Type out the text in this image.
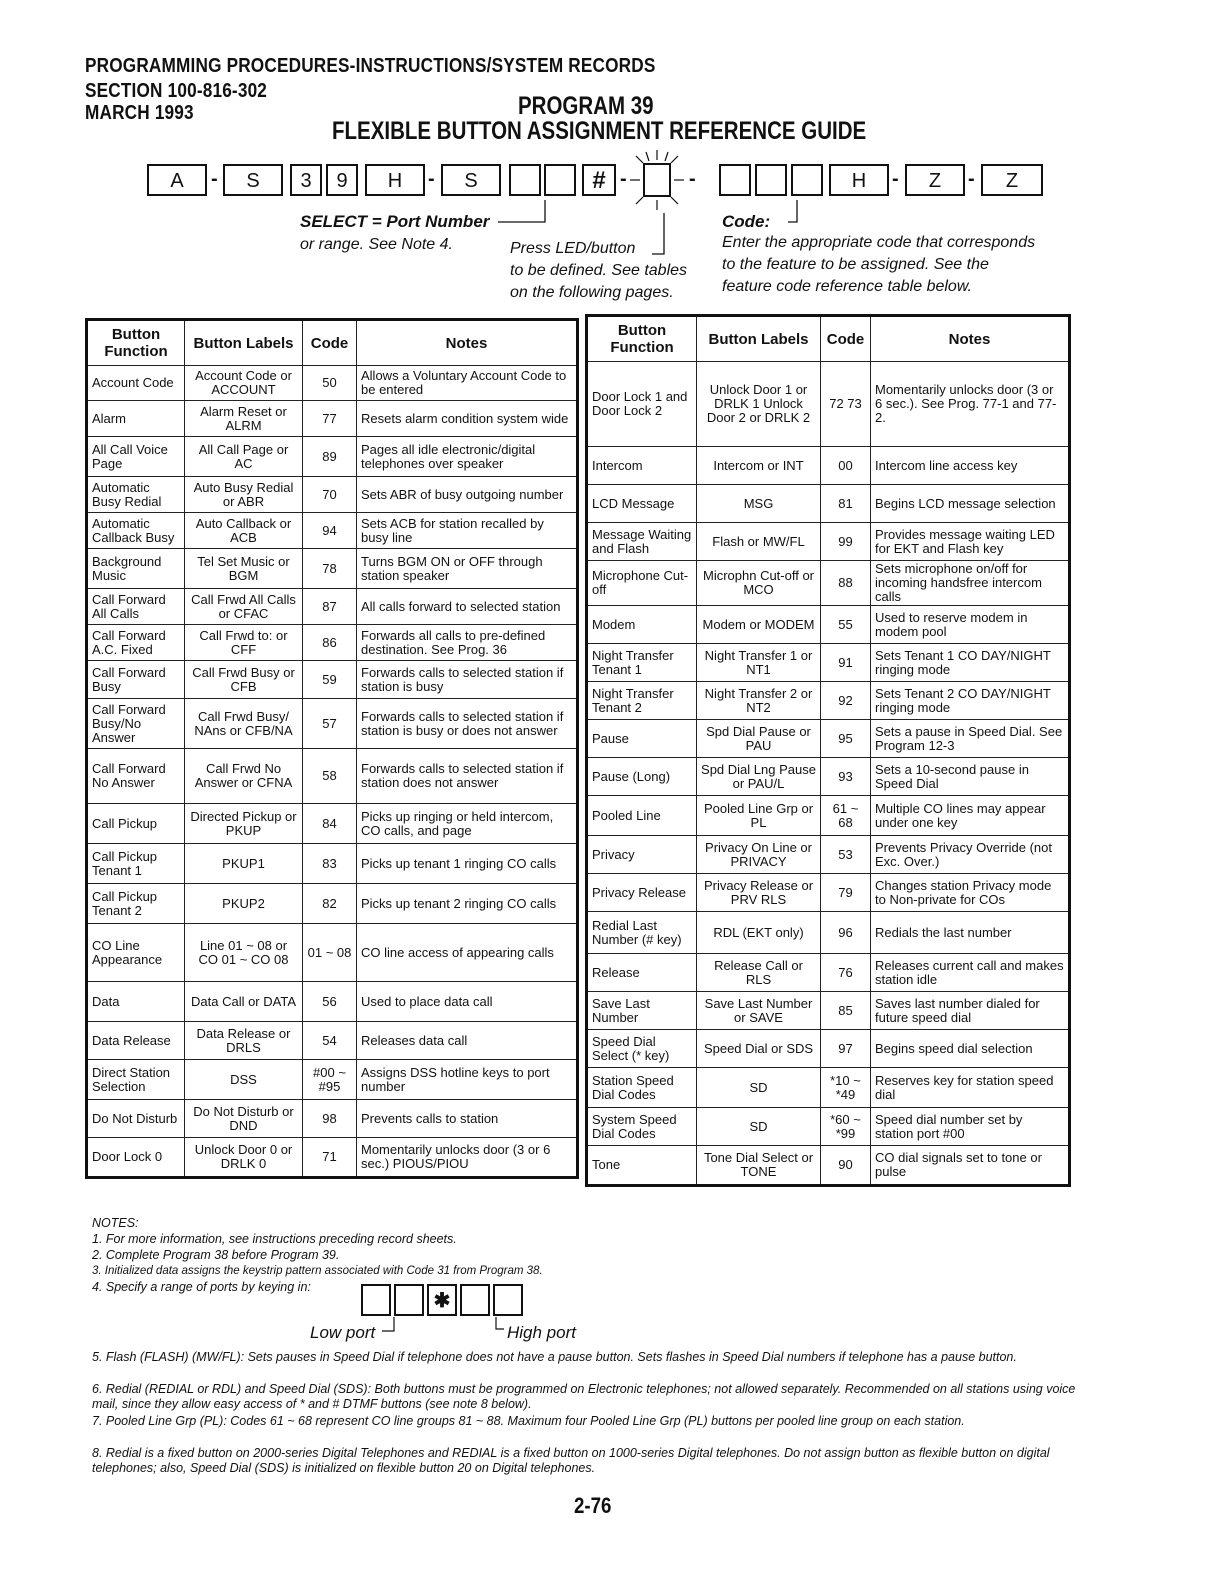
PROGRAMMING PROCEDURES-INSTRUCTIONS/SYSTEM RECORDS
SECTION 100-816-302
MARCH 1993	PROGRAM 39
FLEXIBLE BUTTON ASSIGNMENT REFERENCE GUIDE
A	-	S	3	9	H	-	S	# -	-	H	-	Z	-	Z
SELECT = Port Number
or range. See Note 4.	Press LED/button
to be defined. See tables
on the following pages.
Code:
Enter the appropriate code that corresponds
to the feature to be assigned. See the
feature code reference table below.
Button Function	Button Labels	Code	Notes
Account Code	Account Code or ACCOUNT	50	Allows a Voluntary Account Code to be entered
Alarm	Alarm Reset or ALRM	77	Resets alarm condition system wide
All Call Voice Page	All Call Page or AC	89	Pages all idle electronic/digital telephones over speaker
Automatic Busy Redial	Auto Busy Redial or ABR	70	Sets ABR of busy outgoing number
Automatic Callback Busy	Auto Callback or ACB	94	Sets ACB for station recalled by busy line
Background Music	Tel Set Music or BGM	78	Turns BGM ON or OFF through station speaker
Call Forward All Calls	Call Frwd All Calls or CFAC	87	All calls forward to selected station
Call Forward A.C. Fixed	Call Frwd to: or CFF	86	Forwards all calls to pre-defined destination. See Prog. 36
Call Forward Busy	Call Frwd Busy or CFB	59	Forwards calls to selected station if station is busy
Call Forward Busy/No Answer	Call Frwd Busy/ NAns or CFB/NA	57	Forwards calls to selected station if station is busy or does not answer
Call Forward No Answer	Call Frwd No Answer or CFNA	58	Forwards calls to selected station if station does not answer
Call Pickup	Directed Pickup or PKUP	84	Picks up ringing or held intercom, CO calls, and page
Call Pickup Tenant 1	PKUP1	83	Picks up tenant 1 ringing CO calls
Call Pickup Tenant 2	PKUP2	82	Picks up tenant 2 ringing CO calls
CO Line Appearance	Line 01 ~ 08 or CO 01 ~ CO 08	01 ~ 08	CO line access of appearing calls
Data	Data Call or DATA	56	Used to place data call
Data Release	Data Release or DRLS	54	Releases data call
Direct Station Selection	DSS	#00 ~ #95	Assigns DSS hotline keys to port number
Do Not Disturb	Do Not Disturb or DND	98	Prevents calls to station
Door Lock 0	Unlock Door 0 or DRLK 0	71	Momentarily unlocks door (3 or 6 sec.) PIOUS/PIOU
Button Function	Button Labels	Code	Notes
Door Lock 1 and Door Lock 2	Unlock Door 1 or DRLK 1 Unlock Door 2 or DRLK 2	72 73	Momentarily unlocks door (3 or 6 sec.). See Prog. 77-1 and 77-2.
Intercom	Intercom or INT	00	Intercom line access key
LCD Message	MSG	81	Begins LCD message selection
Message Waiting and Flash	Flash or MW/FL	99	Provides message waiting LED for EKT and Flash key
Microphone Cut-off	Microphn Cut-off or MCO	88	Sets microphone on/off for incoming handsfree intercom calls
Modem	Modem or MODEM	55	Used to reserve modem in modem pool
Night Transfer Tenant 1	Night Transfer 1 or NT1	91	Sets Tenant 1 CO DAY/NIGHT ringing mode
Night Transfer Tenant 2	Night Transfer 2 or NT2	92	Sets Tenant 2 CO DAY/NIGHT ringing mode
Pause	Spd Dial Pause or PAU	95	Sets a pause in Speed Dial. See Program 12-3
Pause (Long)	Spd Dial Lng Pause or PAU/L	93	Sets a 10-second pause in Speed Dial
Pooled Line	Pooled Line Grp or PL	61 ~ 68	Multiple CO lines may appear under one key
Privacy	Privacy On Line or PRIVACY	53	Prevents Privacy Override (not Exc. Over.)
Privacy Release	Privacy Release or PRV RLS	79	Changes station Privacy mode to Non-private for COs
Redial Last Number (# key)	RDL (EKT only)	96	Redials the last number
Release	Release Call or RLS	76	Releases current call and makes station idle
Save Last Number	Save Last Number or SAVE	85	Saves last number dialed for future speed dial
Speed Dial Select (* key)	Speed Dial or SDS	97	Begins speed dial selection
Station Speed Dial Codes	SD	*10 ~ *49	Reserves key for station speed dial
System Speed Dial Codes	SD	*60 ~ *99	Speed dial number set by station port #00
Tone	Tone Dial Select or TONE	90	CO dial signals set to tone or pulse
NOTES:
1. For more information, see instructions preceding record sheets.
2. Complete Program 38 before Program 39.
3. Initialized data assigns the keystrip pattern associated with Code 31 from Program 38.
4. Specify a range of ports by keying in:
✱
Low port	High port
5. Flash (FLASH) (MW/FL): Sets pauses in Speed Dial if telephone does not have a pause button. Sets flashes in Speed Dial numbers if telephone has a pause button.
6. Redial (REDIAL or RDL) and Speed Dial (SDS): Both buttons must be programmed on Electronic telephones; not allowed separately. Recommended on all stations using voice mail, since they allow easy access of * and # DTMF buttons (see note 8 below).
7. Pooled Line Grp (PL): Codes 61 ~ 68 represent CO line groups 81 ~ 88. Maximum four Pooled Line Grp (PL) buttons per pooled line group on each station.
8. Redial is a fixed button on 2000-series Digital Telephones and REDIAL is a fixed button on 1000-series Digital telephones. Do not assign button as flexible button on digital telephones; also, Speed Dial (SDS) is initialized on flexible button 20 on Digital telephones.
2-76
